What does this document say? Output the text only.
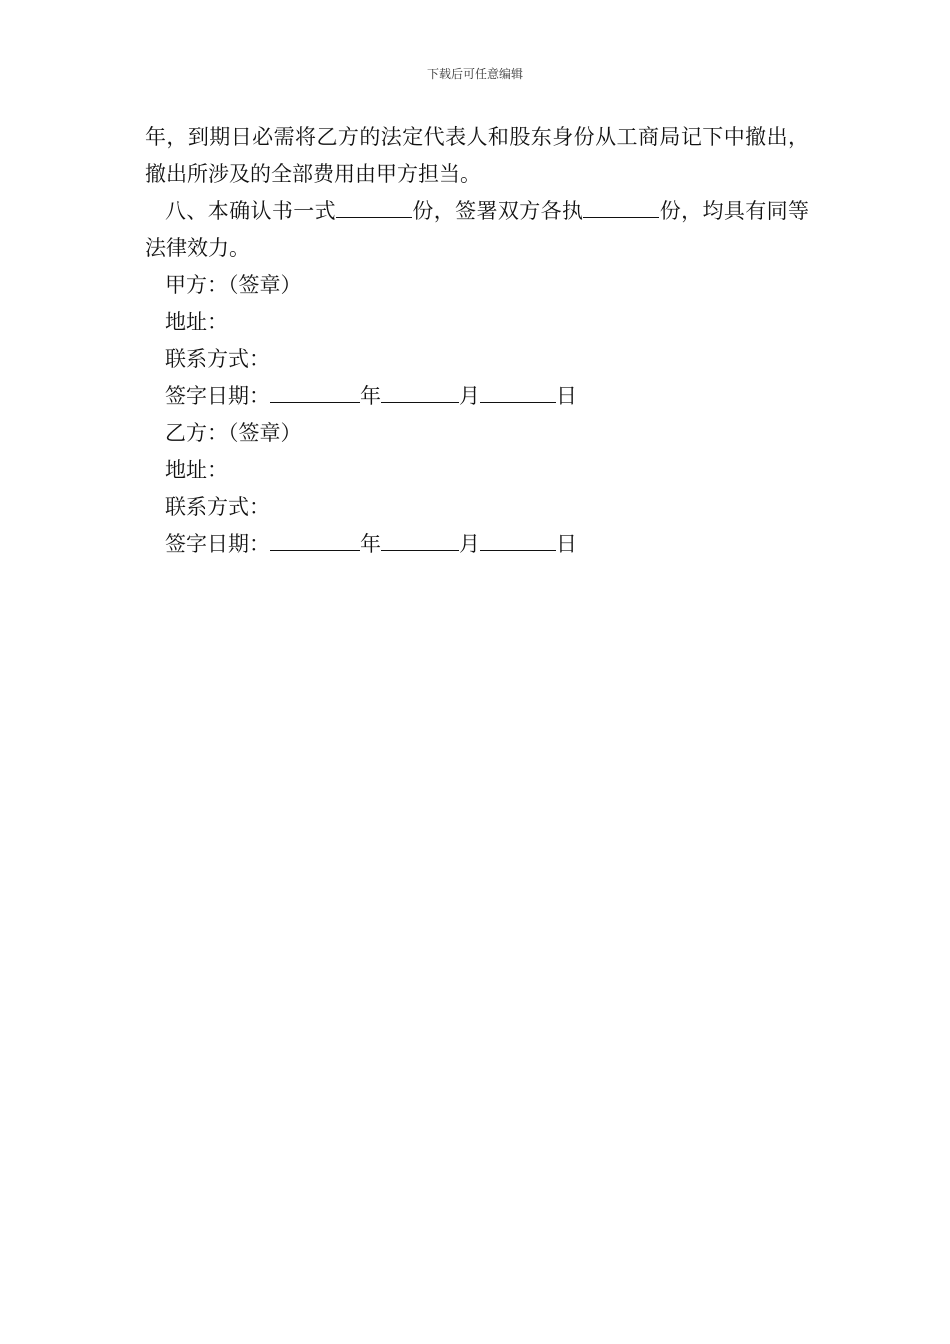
下载后可任意编辑

年，到期日必需将乙方的法定代表人和股东身份从工商局记下中撤出，撤出所涉及的全部费用由甲方担当。

八、本确认书一式	份，签署双方各执	份，均具有同等法律效力。

甲方：（签章）

地址：

联系方式：

签字日期：	年	月	日

乙方：（签章）

地址：

联系方式：

签字日期：	年	月	日
